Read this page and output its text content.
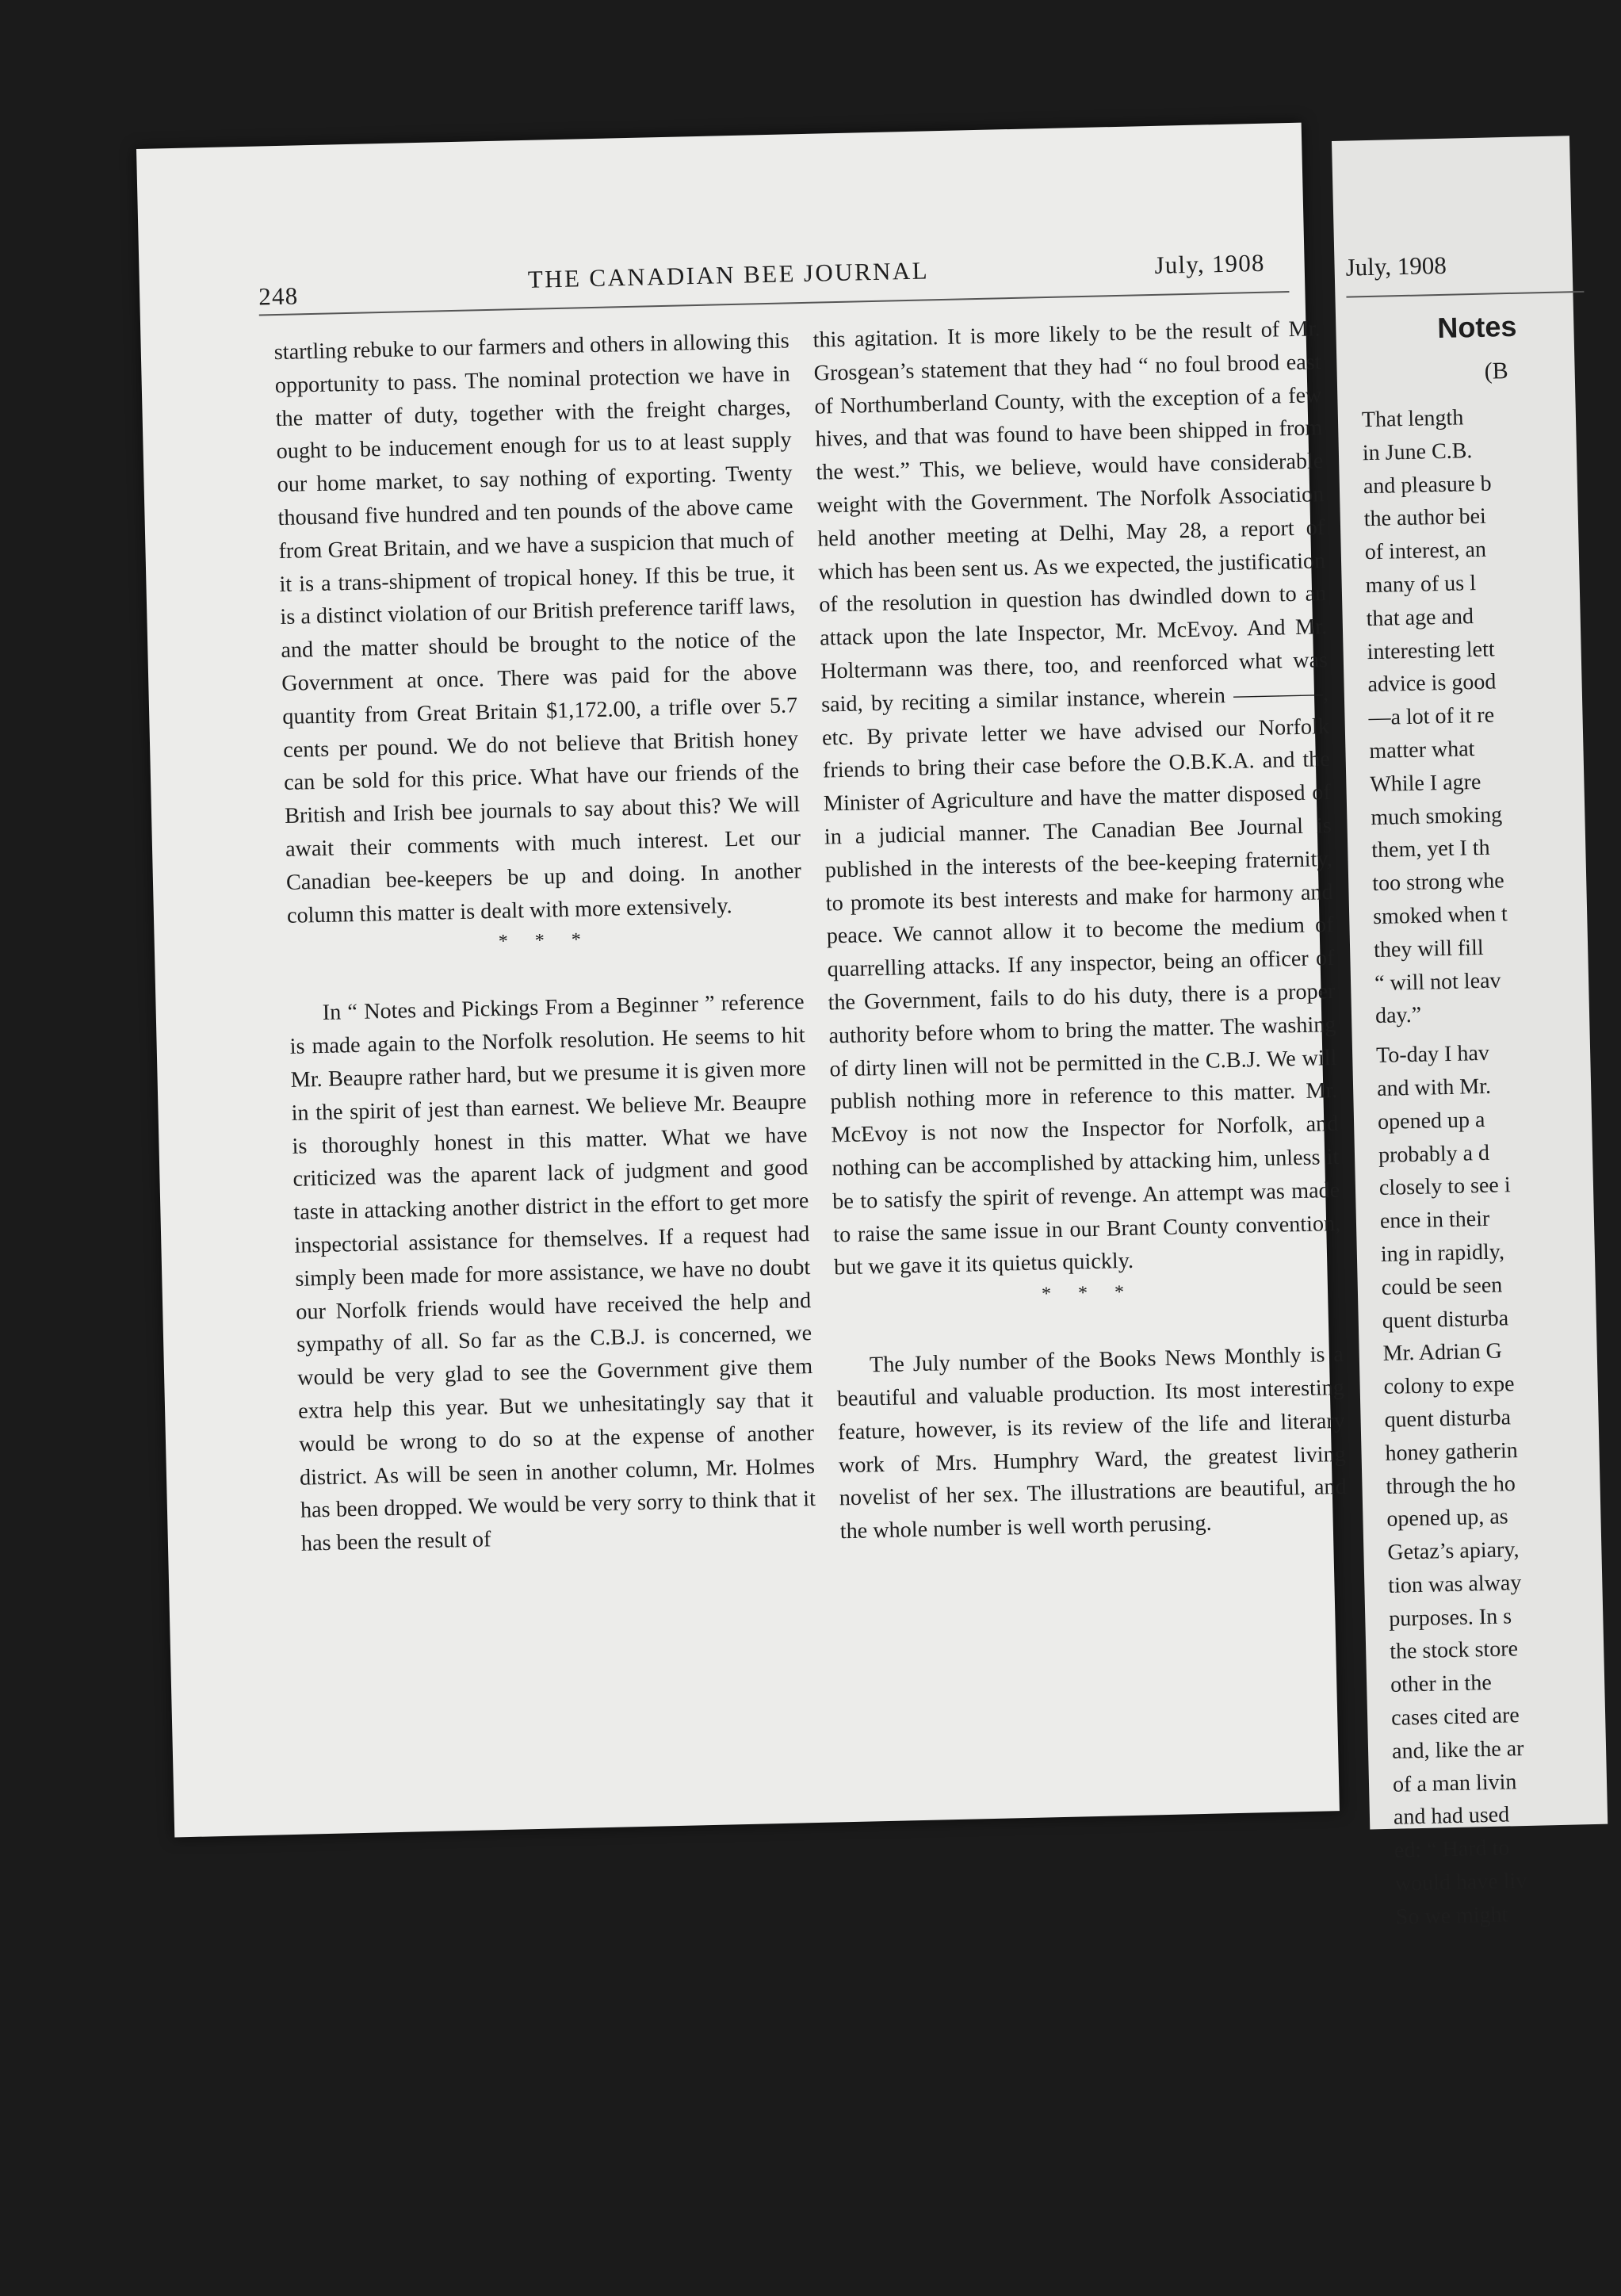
248
THE CANADIAN BEE JOURNAL	July, 1908

startling rebuke to our farmers and others in allowing this opportunity to pass. The nominal protection we have in the matter of duty, together with the freight charges, ought to be inducement enough for us to at least supply our home market, to say nothing of exporting. Twenty thousand five hundred and ten pounds of the above came from Great Britain, and we have a suspicion that much of it is a trans-shipment of tropical honey. If this be true, it is a distinct violation of our British preference tariff laws, and the matter should be brought to the notice of the Government at once. There was paid for the above quantity from Great Britain $1,172.00, a trifle over 5.7 cents per pound. We do not believe that British honey can be sold for this price. What have our friends of the British and Irish bee journals to say about this? We will await their comments with much interest. Let our Canadian bee-keepers be up and doing. In another column this matter is dealt with more extensively.

* * *

In “ Notes and Pickings From a Beginner ” reference is made again to the Norfolk resolution. He seems to hit Mr. Beaupre rather hard, but we presume it is given more in the spirit of jest than earnest. We believe Mr. Beaupre is thoroughly honest in this matter. What we have criticized was the aparent lack of judgment and good taste in attacking another district in the effort to get more inspectorial assistance for themselves. If a request had simply been made for more assistance, we have no doubt our Norfolk friends would have received the help and sympathy of all. So far as the C.B.J. is concerned, we would be very glad to see the Government give them extra help this year. But we unhesitatingly say that it would be wrong to do so at the expense of another district. As will be seen in another column, Mr. Holmes has been dropped. We would be very sorry to think that it has been the result of

this agitation. It is more likely to be the result of Mr. Grosgean’s statement that they had “ no foul brood east of Northumberland County, with the exception of a few hives, and that was found to have been shipped in from the west.” This, we believe, would have considerable weight with the Government. The Norfolk Association held another meeting at Delhi, May 28, a report of which has been sent us. As we expected, the justification of the resolution in question has dwindled down to an attack upon the late Inspector, Mr. McEvoy. And Mr. Holtermann was there, too, and reenforced what was said, by reciting a similar instance, wherein ————, etc. By private letter we have advised our Norfolk friends to bring their case before the O.B.K.A. and the Minister of Agriculture and have the matter disposed of in a judicial manner. The Canadian Bee Journal is published in the interests of the bee-keeping fraternity, to promote its best interests and make for harmony and peace. We cannot allow it to become the medium of quarrelling attacks. If any inspector, being an officer of the Government, fails to do his duty, there is a proper authority before whom to bring the matter. The washing of dirty linen will not be permitted in the C.B.J. We will publish nothing more in reference to this matter. Mr. McEvoy is not now the Inspector for Norfolk, and nothing can be accomplished by attacking him, unless it be to satisfy the spirit of revenge. An attempt was made to raise the same issue in our Brant County convention, but we gave it its quietus quickly.

* * *

The July number of the Books News Monthly is a beautiful and valuable production. Its most interesting feature, however, is its review of the life and literary work of Mrs. Humphry Ward, the greatest living novelist of her sex. The illustrations are beautiful, and the whole number is well worth perusing.

July, 1908
Notes
(B
That length
in June C.B.
and pleasure b
the author bei
of interest, an
many of us l
that age and
interesting lett
advice is good
—a lot of it re
matter what
While I agre
much smoking
them, yet I th
too strong whe
smoked when t
they will fill
“ will not leav
day.”
To-day I hav
and with Mr.
opened up a
probably a d
closely to see i
ence in their
ing in rapidly,
could be seen
quent disturba
Mr. Adrian G
colony to expe
quent disturba
honey gatherin
through the ho
opened up, as
Getaz’s apiary,
tion was alway
purposes. In s
the stock store
other in the
cases cited are
and, like the ar
of a man livin
and had used
ed: “ Hard to
would have liv
So we might
